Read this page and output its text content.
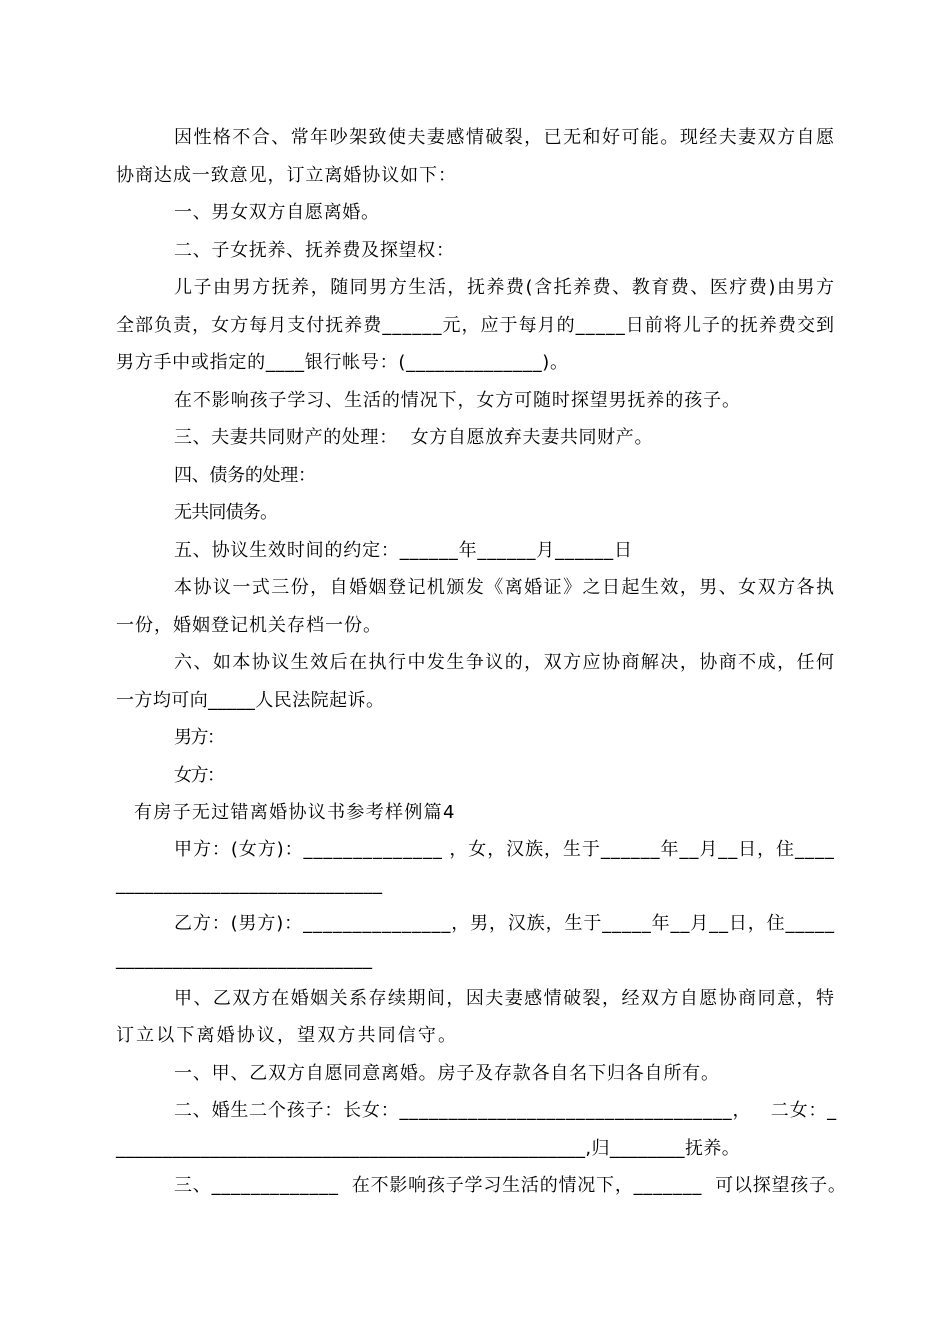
因性格不合、常年吵架致使夫妻感情破裂，已无和好可能。现经夫妻双方自愿
协商达成一致意见，订立离婚协议如下：
一、男女双方自愿离婚。
二、子女抚养、抚养费及探望权：
儿子由男方抚养，随同男方生活，抚养费(含托养费、教育费、医疗费)由男方
全部负责，女方每月支付抚养费______元，应于每月的_____日前将儿子的抚养费交到
男方手中或指定的____银行帐号：(______________)。
在不影响孩子学习、生活的情况下，女方可随时探望男抚养的孩子。
三、夫妻共同财产的处理：  女方自愿放弃夫妻共同财产。
四、债务的处理：
无共同债务。
五、协议生效时间的约定：______年______月______日
本协议一式三份，自婚姻登记机颁发《离婚证》之日起生效，男、女双方各执
一份，婚姻登记机关存档一份。
六、如本协议生效后在执行中发生争议的，双方应协商解决，协商不成，任何
一方均可向_____人民法院起诉。
男方：
女方：
有房子无过错离婚协议书参考样例篇4
甲方：(女方)：______________ ，女，汉族，生于______年__月__日，住____
____________________________
乙方：(男方)：_______________，男，汉族，生于_____年__月__日，住_____
___________________________
甲、乙双方在婚姻关系存续期间，因夫妻感情破裂，经双方自愿协商同意，特
订立以下离婚协议，望双方共同信守。
一、甲、乙双方自愿同意离婚。房子及存款各自名下归各自所有。
二、婚生二个孩子：长女：__________________________________，   二女：_
__________________________________________________,归________抚养。
三、_____________  在不影响孩子学习生活的情况下，_______  可以探望孩子。
